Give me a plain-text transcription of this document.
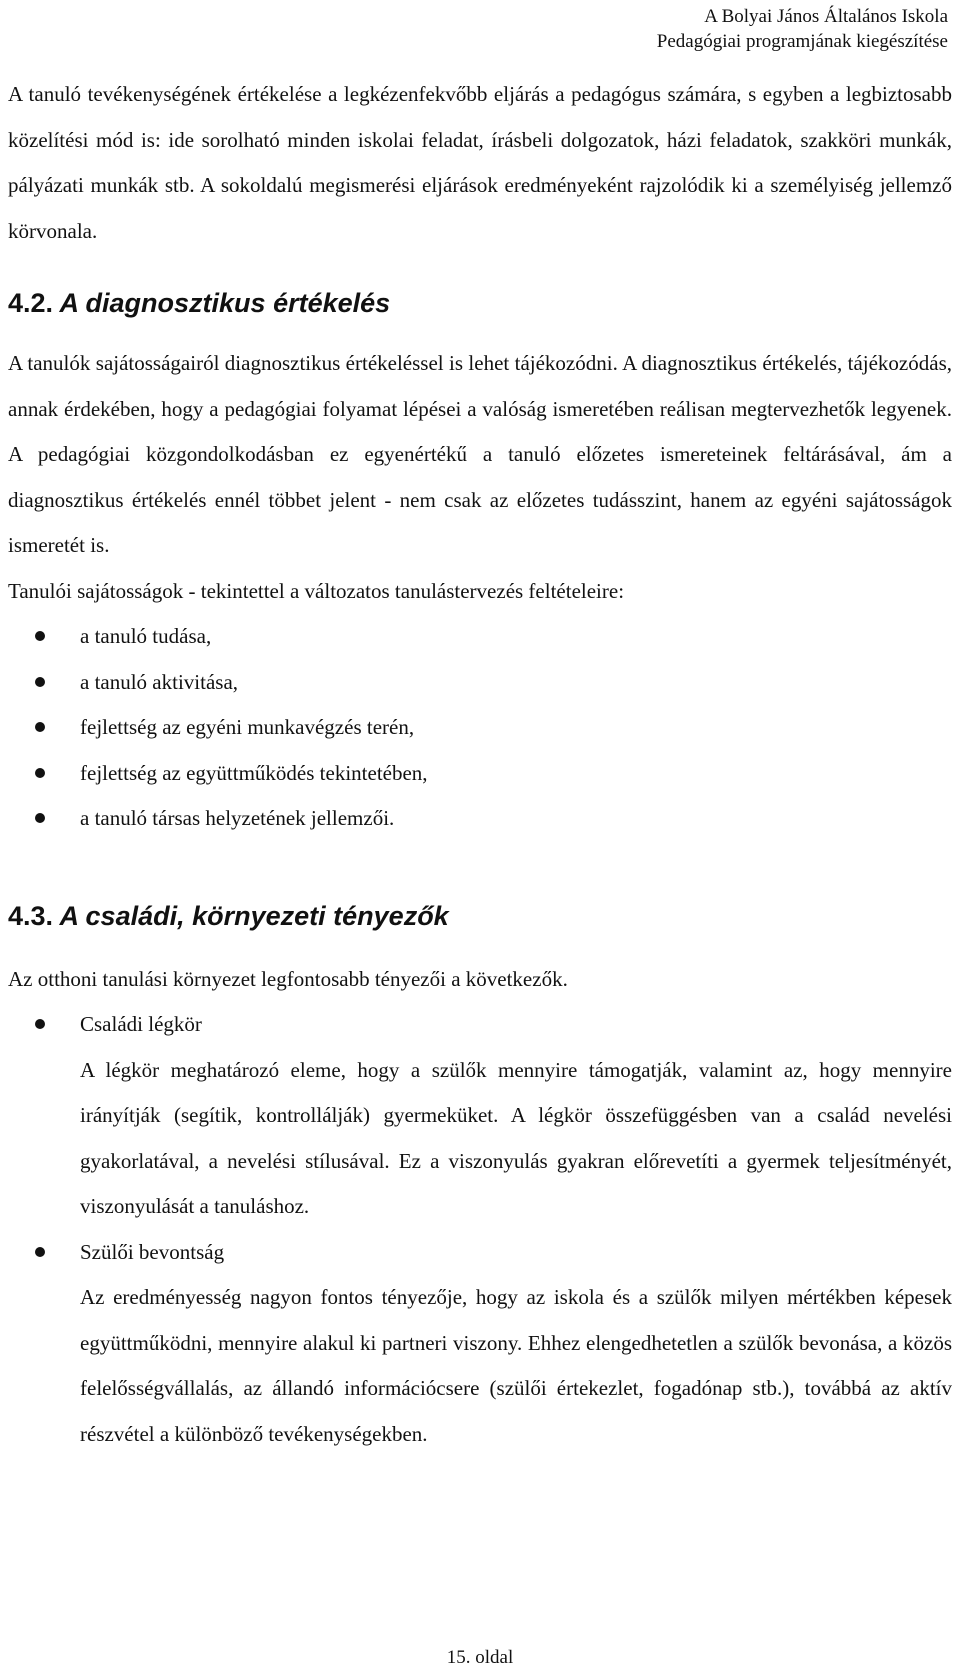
A Bolyai János Általános Iskola
Pedagógiai programjának kiegészítése

A tanuló tevékenységének értékelése a legkézenfekvőbb eljárás a pedagógus számára, s egyben a legbiztosabb közelítési mód is: ide sorolható minden iskolai feladat, írásbeli dolgozatok, házi feladatok, szakköri munkák, pályázati munkák stb. A sokoldalú megismerési eljárások eredményeként rajzolódik ki a személyiség jellemző körvonala.

4.2. A diagnosztikus értékelés

A tanulók sajátosságairól diagnosztikus értékeléssel is lehet tájékozódni. A diagnosztikus értékelés, tájékozódás, annak érdekében, hogy a pedagógiai folyamat lépései a valóság ismeretében reálisan megtervezhetők legyenek. A pedagógiai közgondolkodásban ez egyenértékű a tanuló előzetes ismereteinek feltárásával, ám a diagnosztikus értékelés ennél többet jelent - nem csak az előzetes tudásszint, hanem az egyéni sajátosságok ismeretét is.

Tanulói sajátosságok - tekintettel a változatos tanulástervezés feltételeire:

a tanuló tudása,
a tanuló aktivitása,
fejlettség az egyéni munkavégzés terén,
fejlettség az együttműködés tekintetében,
a tanuló társas helyzetének jellemzői.
4.3. A családi, környezeti tényezők

Az otthoni tanulási környezet legfontosabb tényezői a következők.

Családi légkör

A légkör meghatározó eleme, hogy a szülők mennyire támogatják, valamint az, hogy mennyire irányítják (segítik, kontrollálják) gyermeküket. A légkör összefüggésben van a család nevelési gyakorlatával, a nevelési stílusával. Ez a viszonyulás gyakran előrevetíti a gyermek teljesítményét, viszonyulását a tanuláshoz.

Szülői bevontság

Az eredményesség nagyon fontos tényezője, hogy az iskola és a szülők milyen mértékben képesek együttműködni, mennyire alakul ki partneri viszony. Ehhez elengedhetetlen a szülők bevonása, a közös felelősségvállalás, az állandó információcsere (szülői értekezlet, fogadónap stb.), továbbá az aktív részvétel a különböző tevékenységekben.

15. oldal
